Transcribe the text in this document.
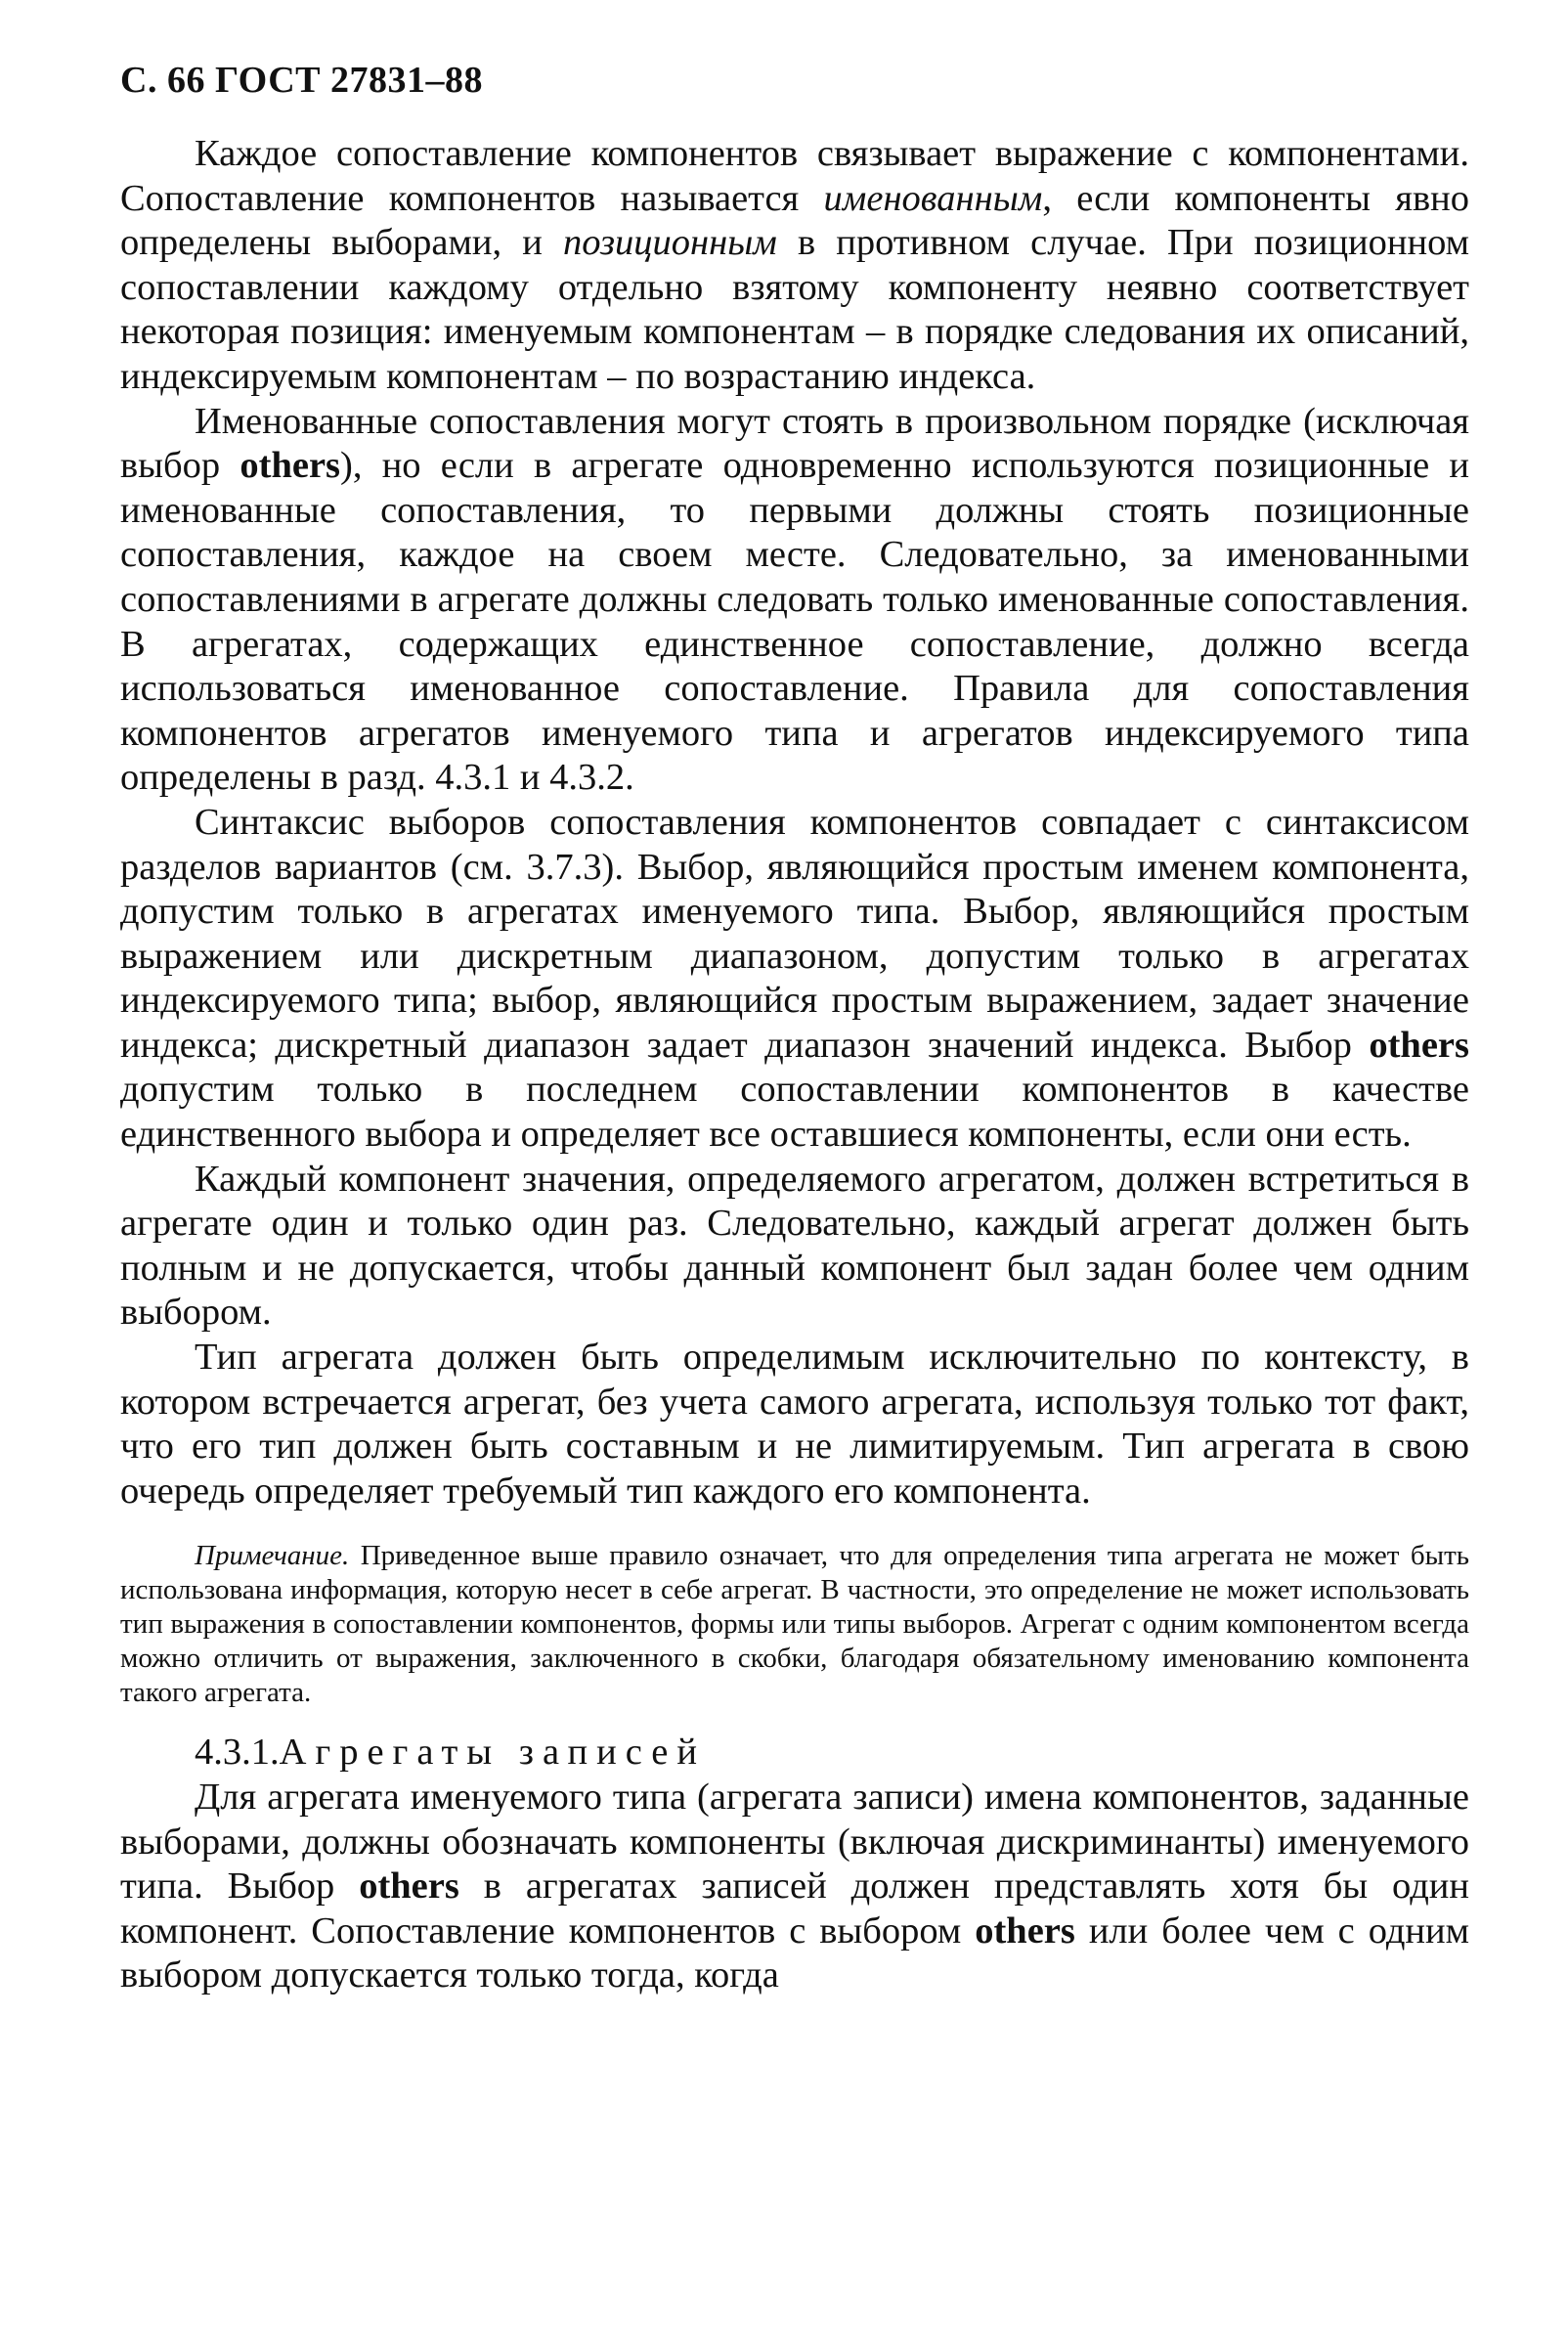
С. 66 ГОСТ 27831–88

Каждое сопоставление компонентов связывает выражение с компонентами. Сопоставление компонентов называется именованным, если компоненты явно определены выборами, и позиционным в противном случае. При позиционном сопоставлении каждому отдельно взятому компоненту неявно соответствует некоторая позиция: именуемым компонентам – в порядке следования их описаний, индексируемым компонентам – по возрастанию индекса.

Именованные сопоставления могут стоять в произвольном порядке (исключая выбор others), но если в агрегате одновременно используются позиционные и именованные сопоставления, то первыми должны стоять позиционные сопоставления, каждое на своем месте. Следовательно, за именованными сопоставлениями в агрегате должны следовать только именованные сопоставления. В агрегатах, содержащих единственное сопоставление, должно всегда использоваться именованное сопоставление. Правила для сопоставления компонентов агрегатов именуемого типа и агрегатов индексируемого типа определены в разд. 4.3.1 и 4.3.2.

Синтаксис выборов сопоставления компонентов совпадает с синтаксисом разделов вариантов (см. 3.7.3). Выбор, являющийся простым именем компонента, допустим только в агрегатах именуемого типа. Выбор, являющийся простым выражением или дискретным диапазоном, допустим только в агрегатах индексируемого типа; выбор, являющийся простым выражением, задает значение индекса; дискретный диапазон задает диапазон значений индекса. Выбор others допустим только в последнем сопоставлении компонентов в качестве единственного выбора и определяет все оставшиеся компоненты, если они есть.

Каждый компонент значения, определяемого агрегатом, должен встретиться в агрегате один и только один раз. Следовательно, каждый агрегат должен быть полным и не допускается, чтобы данный компонент был задан более чем одним выбором.

Тип агрегата должен быть определимым исключительно по контексту, в котором встречается агрегат, без учета самого агрегата, используя только тот факт, что его тип должен быть составным и не лимитируемым. Тип агрегата в свою очередь определяет требуемый тип каждого его компонента.

Примечание. Приведенное выше правило означает, что для определения типа агрегата не может быть использована информация, которую несет в себе агрегат. В частности, это определение не может использовать тип выражения в сопоставлении компонентов, формы или типы выборов. Агрегат с одним компонентом всегда можно отличить от выражения, заключенного в скобки, благодаря обязательному именованию компонента такого агрегата.

4.3.1.Агрегаты записей

Для агрегата именуемого типа (агрегата записи) имена компонентов, заданные выборами, должны обозначать компоненты (включая дискриминанты) именуемого типа. Выбор others в агрегатах записей должен представлять хотя бы один компонент. Сопоставление компонентов с выбором others или более чем с одним выбором допускается только тогда, когда
